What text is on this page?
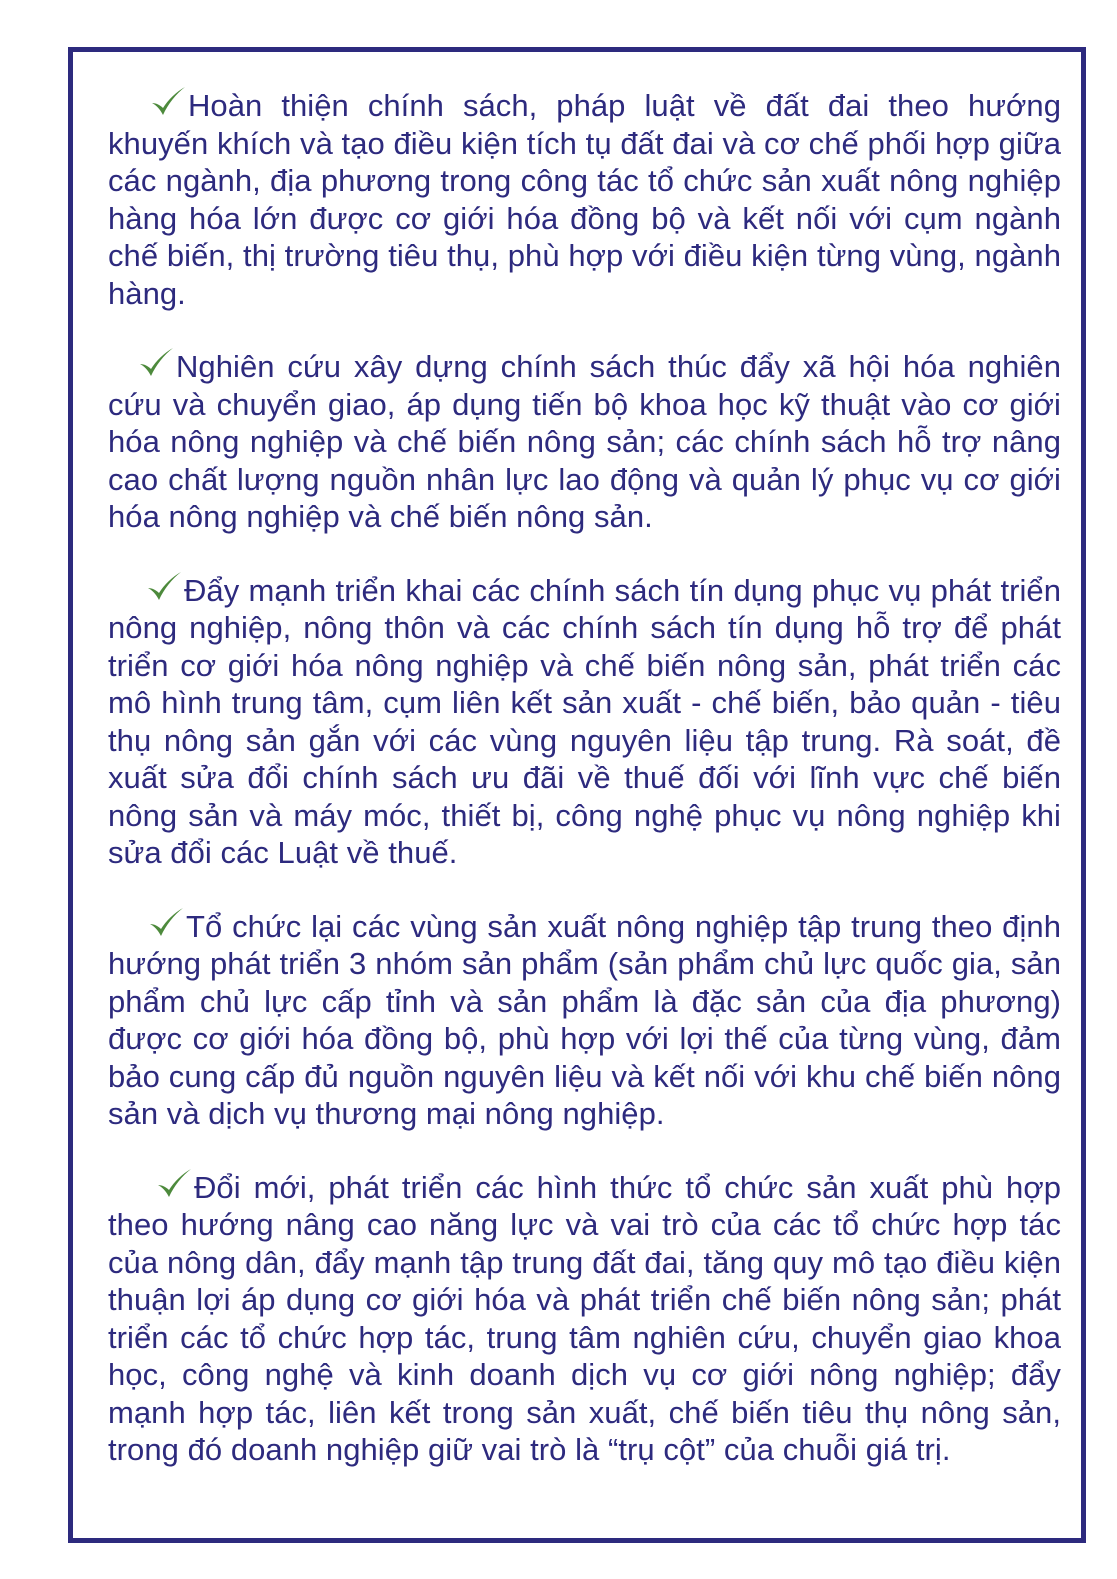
Hoàn thiện chính sách, pháp luật về đất đai theo hướng khuyến khích và tạo điều kiện tích tụ đất đai và cơ chế phối hợp giữa các ngành, địa phương trong công tác tổ chức sản xuất nông nghiệp hàng hóa lớn được cơ giới hóa đồng bộ và kết nối với cụm ngành chế biến, thị trường tiêu thụ, phù hợp với điều kiện từng vùng, ngành hàng.

Nghiên cứu xây dựng chính sách thúc đẩy xã hội hóa nghiên cứu và chuyển giao, áp dụng tiến bộ khoa học kỹ thuật vào cơ giới hóa nông nghiệp và chế biến nông sản; các chính sách hỗ trợ nâng cao chất lượng nguồn nhân lực lao động và quản lý phục vụ cơ giới hóa nông nghiệp và chế biến nông sản.

Đẩy mạnh triển khai các chính sách tín dụng phục vụ phát triển nông nghiệp, nông thôn và các chính sách tín dụng hỗ trợ để phát triển cơ giới hóa nông nghiệp và chế biến nông sản, phát triển các mô hình trung tâm, cụm liên kết sản xuất - chế biến, bảo quản - tiêu thụ nông sản gắn với các vùng nguyên liệu tập trung. Rà soát, đề xuất sửa đổi chính sách ưu đãi về thuế đối với lĩnh vực chế biến nông sản và máy móc, thiết bị, công nghệ phục vụ nông nghiệp khi sửa đổi các Luật về thuế.

Tổ chức lại các vùng sản xuất nông nghiệp tập trung theo định hướng phát triển 3 nhóm sản phẩm (sản phẩm chủ lực quốc gia, sản phẩm chủ lực cấp tỉnh và sản phẩm là đặc sản của địa phương) được cơ giới hóa đồng bộ, phù hợp với lợi thế của từng vùng, đảm bảo cung cấp đủ nguồn nguyên liệu và kết nối với khu chế biến nông sản và dịch vụ thương mại nông nghiệp.

Đổi mới, phát triển các hình thức tổ chức sản xuất phù hợp theo hướng nâng cao năng lực và vai trò của các tổ chức hợp tác của nông dân, đẩy mạnh tập trung đất đai, tăng quy mô tạo điều kiện thuận lợi áp dụng cơ giới hóa và phát triển chế biến nông sản; phát triển các tổ chức hợp tác, trung tâm nghiên cứu, chuyển giao khoa học, công nghệ và kinh doanh dịch vụ cơ giới nông nghiệp; đẩy mạnh hợp tác, liên kết trong sản xuất, chế biến tiêu thụ nông sản, trong đó doanh nghiệp giữ vai trò là “trụ cột” của chuỗi giá trị.
